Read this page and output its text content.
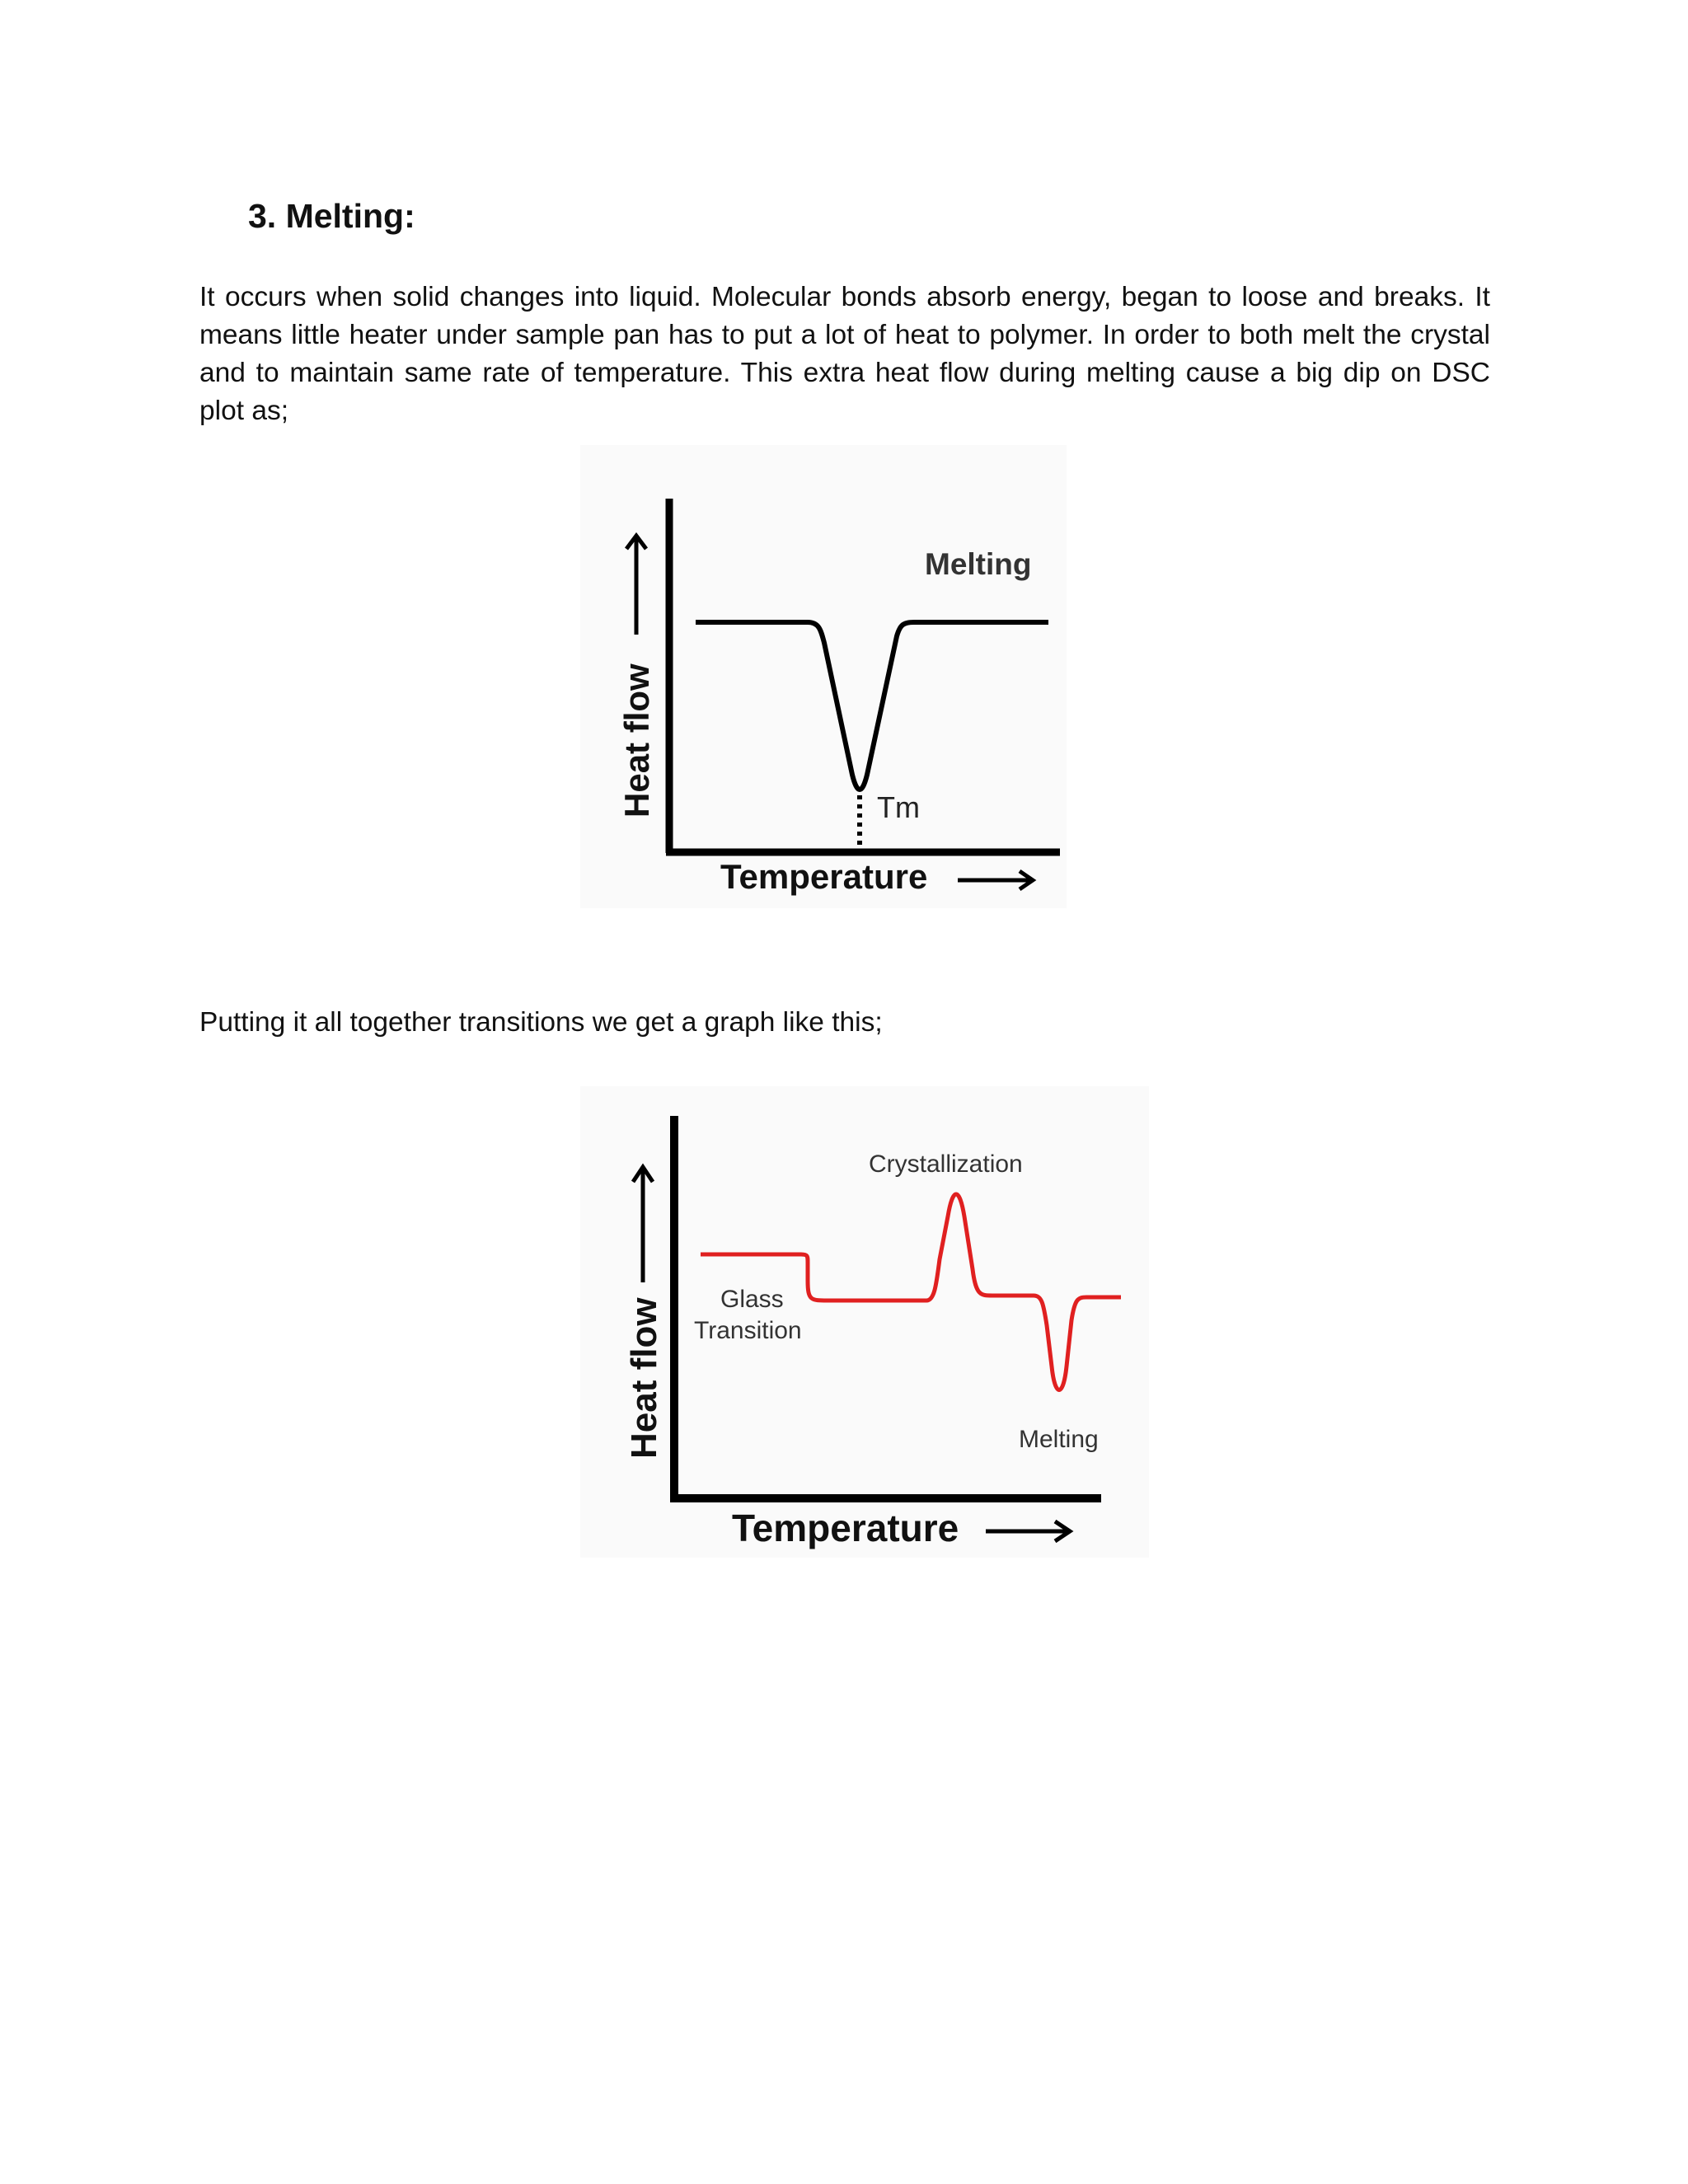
3. Melting:

It occurs when solid changes into liquid. Molecular bonds absorb energy, began to loose and breaks. It means little heater under sample pan has to put a lot of heat to polymer. In order to both melt the crystal and to maintain same rate of temperature. This extra heat flow during melting cause a big dip on DSC plot as;

Melting
Tm
Temperature
Heat flow

Putting it all together transitions we get a graph like this;

Crystallization
Glass
Transition
Melting
Temperature
Heat flow
